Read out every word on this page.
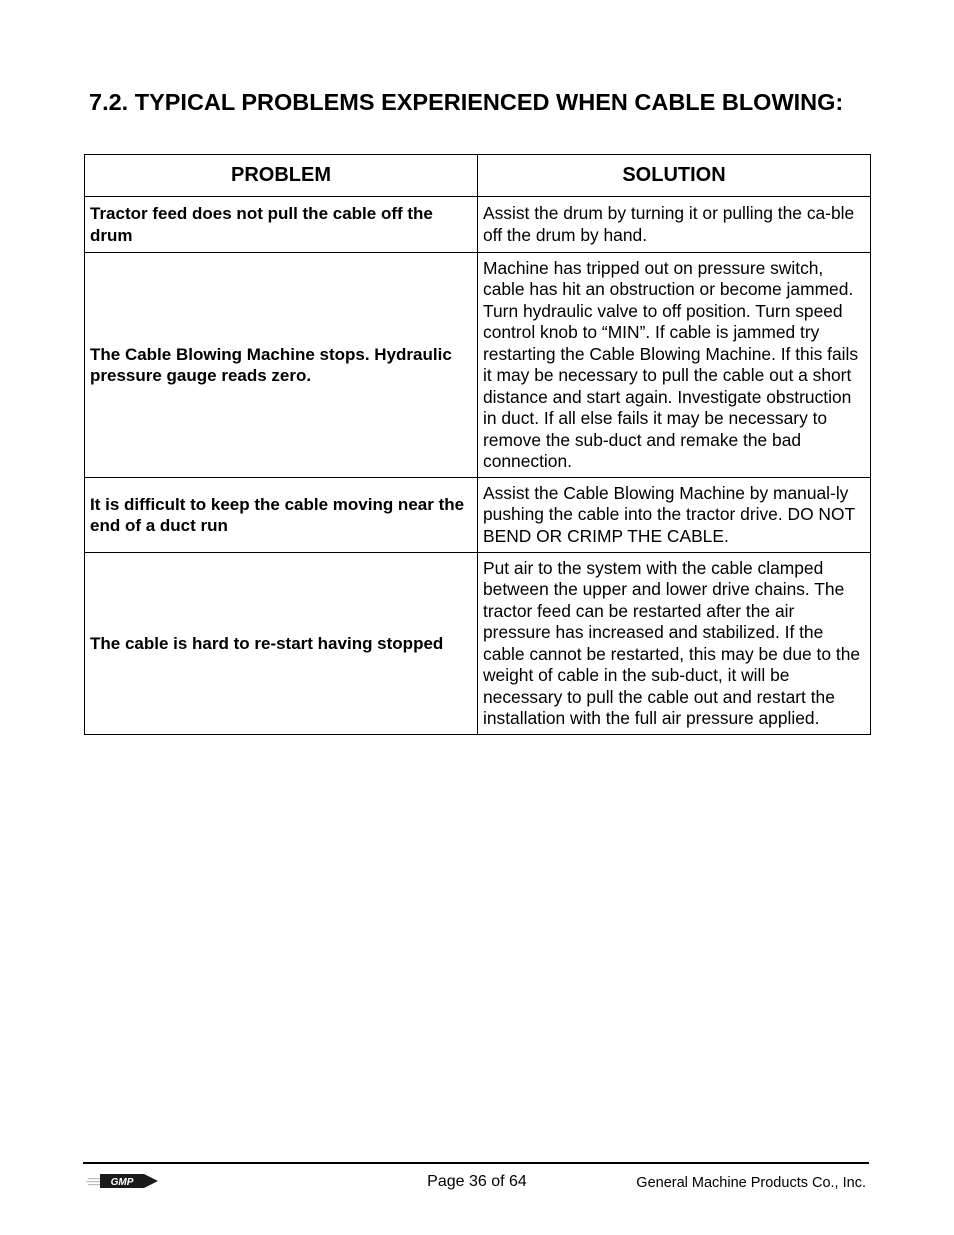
7.2. TYPICAL PROBLEMS EXPERIENCED WHEN CABLE BLOWING:
PROBLEM	SOLUTION
Tractor feed does not pull the cable off the drum	Assist the drum by turning it or pulling the ca-ble off the drum by hand.
The Cable Blowing Machine stops. Hydraulic pressure gauge reads zero.	Machine has tripped out on pressure switch, cable has hit an obstruction or become jammed. Turn hydraulic valve to off position. Turn speed control knob to “MIN”. If cable is jammed try restarting the Cable Blowing Machine. If this fails it may be necessary to pull the cable out a short distance and start again. Investigate obstruction in duct. If all else fails it may be necessary to remove the sub-duct and remake the bad connection.
It is difficult to keep the cable moving near the end of a duct run	Assist the Cable Blowing Machine by manual-ly pushing the cable into the tractor drive. DO NOT BEND OR CRIMP THE CABLE.
The cable is hard to re-start having stopped	Put air to the system with the cable clamped between the upper and lower drive chains. The tractor feed can be restarted after the air pressure has increased and stabilized. If the cable cannot be restarted, this may be due to the weight of cable in the sub-duct, it will be necessary to pull the cable out and restart the installation with the full air pressure applied.
GMP	Page 36 of 64	General Machine Products Co., Inc.
